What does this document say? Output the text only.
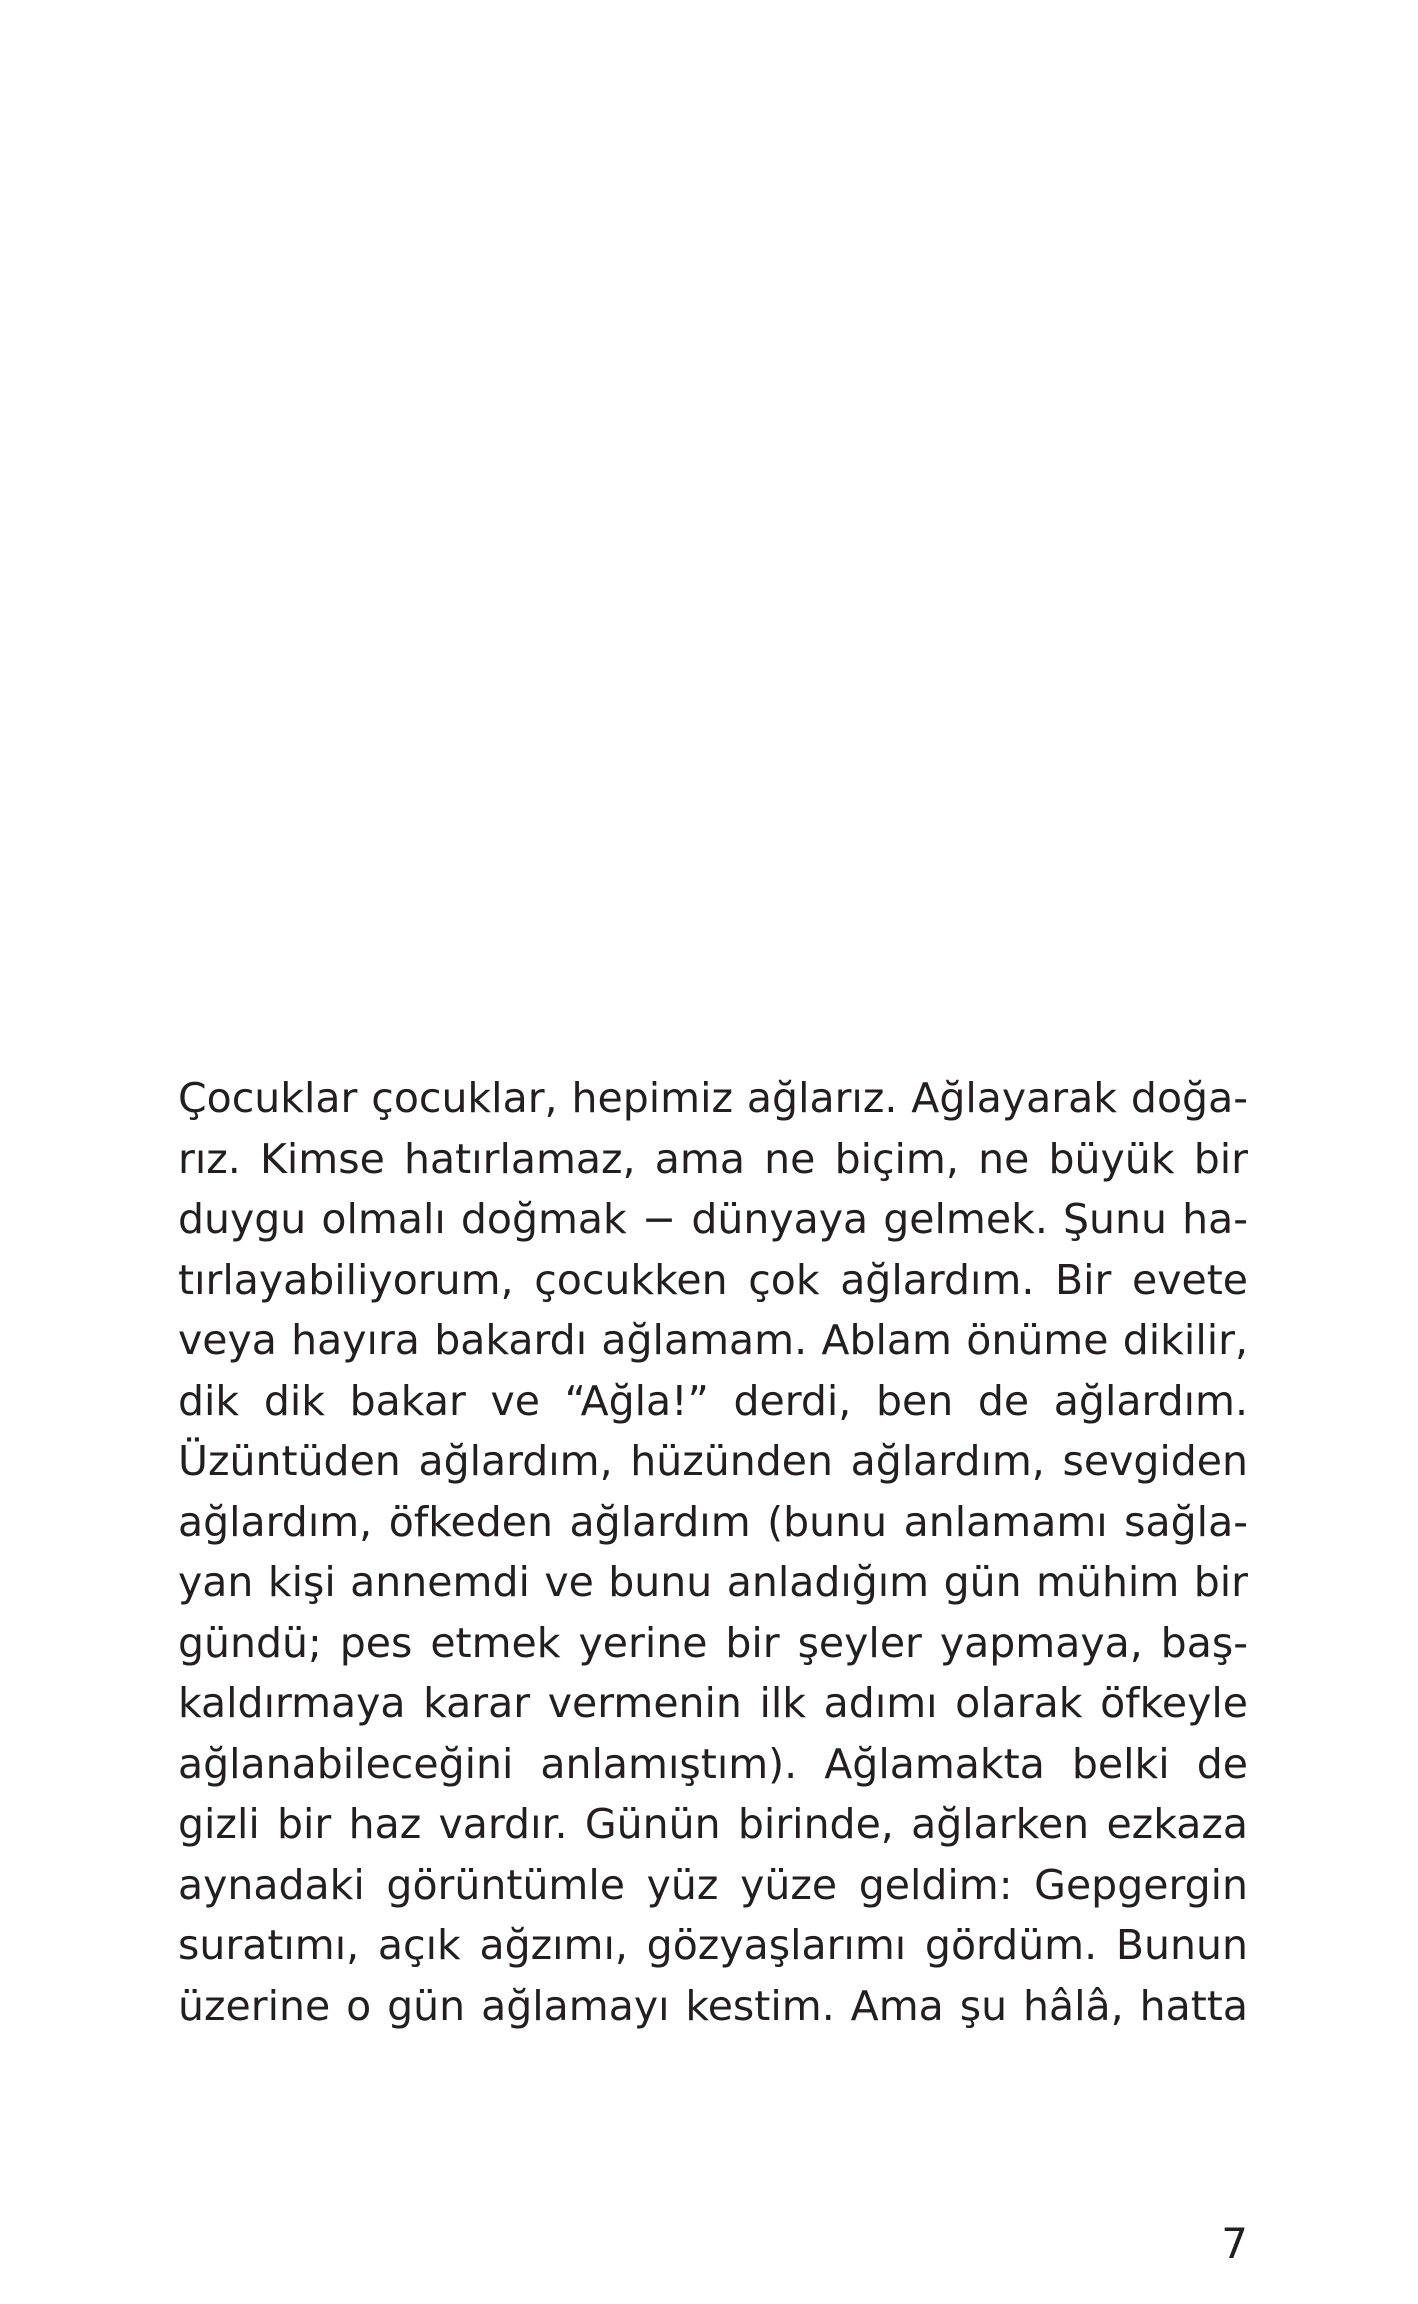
Çocuklar çocuklar, hepimiz ağlarız. Ağlayarak doğa-
rız. Kimse hatırlamaz, ama ne biçim, ne büyük bir
duygu olmalı doğmak − dünyaya gelmek. Şunu ha-
tırlayabiliyorum, çocukken çok ağlardım. Bir evete
veya hayıra bakardı ağlamam. Ablam önüme dikilir,
dik dik bakar ve “Ağla!” derdi, ben de ağlardım.
Üzüntüden ağlardım, hüzünden ağlardım, sevgiden
ağlardım, öfkeden ağlardım (bunu anlamamı sağla-
yan kişi annemdi ve bunu anladığım gün mühim bir
gündü; pes etmek yerine bir şeyler yapmaya, baş-
kaldırmaya karar vermenin ilk adımı olarak öfkeyle
ağlanabileceğini anlamıştım). Ağlamakta belki de
gizli bir haz vardır. Günün birinde, ağlarken ezkaza
aynadaki görüntümle yüz yüze geldim: Gepgergin
suratımı, açık ağzımı, gözyaşlarımı gördüm. Bunun
üzerine o gün ağlamayı kestim. Ama şu hâlâ, hatta
7
